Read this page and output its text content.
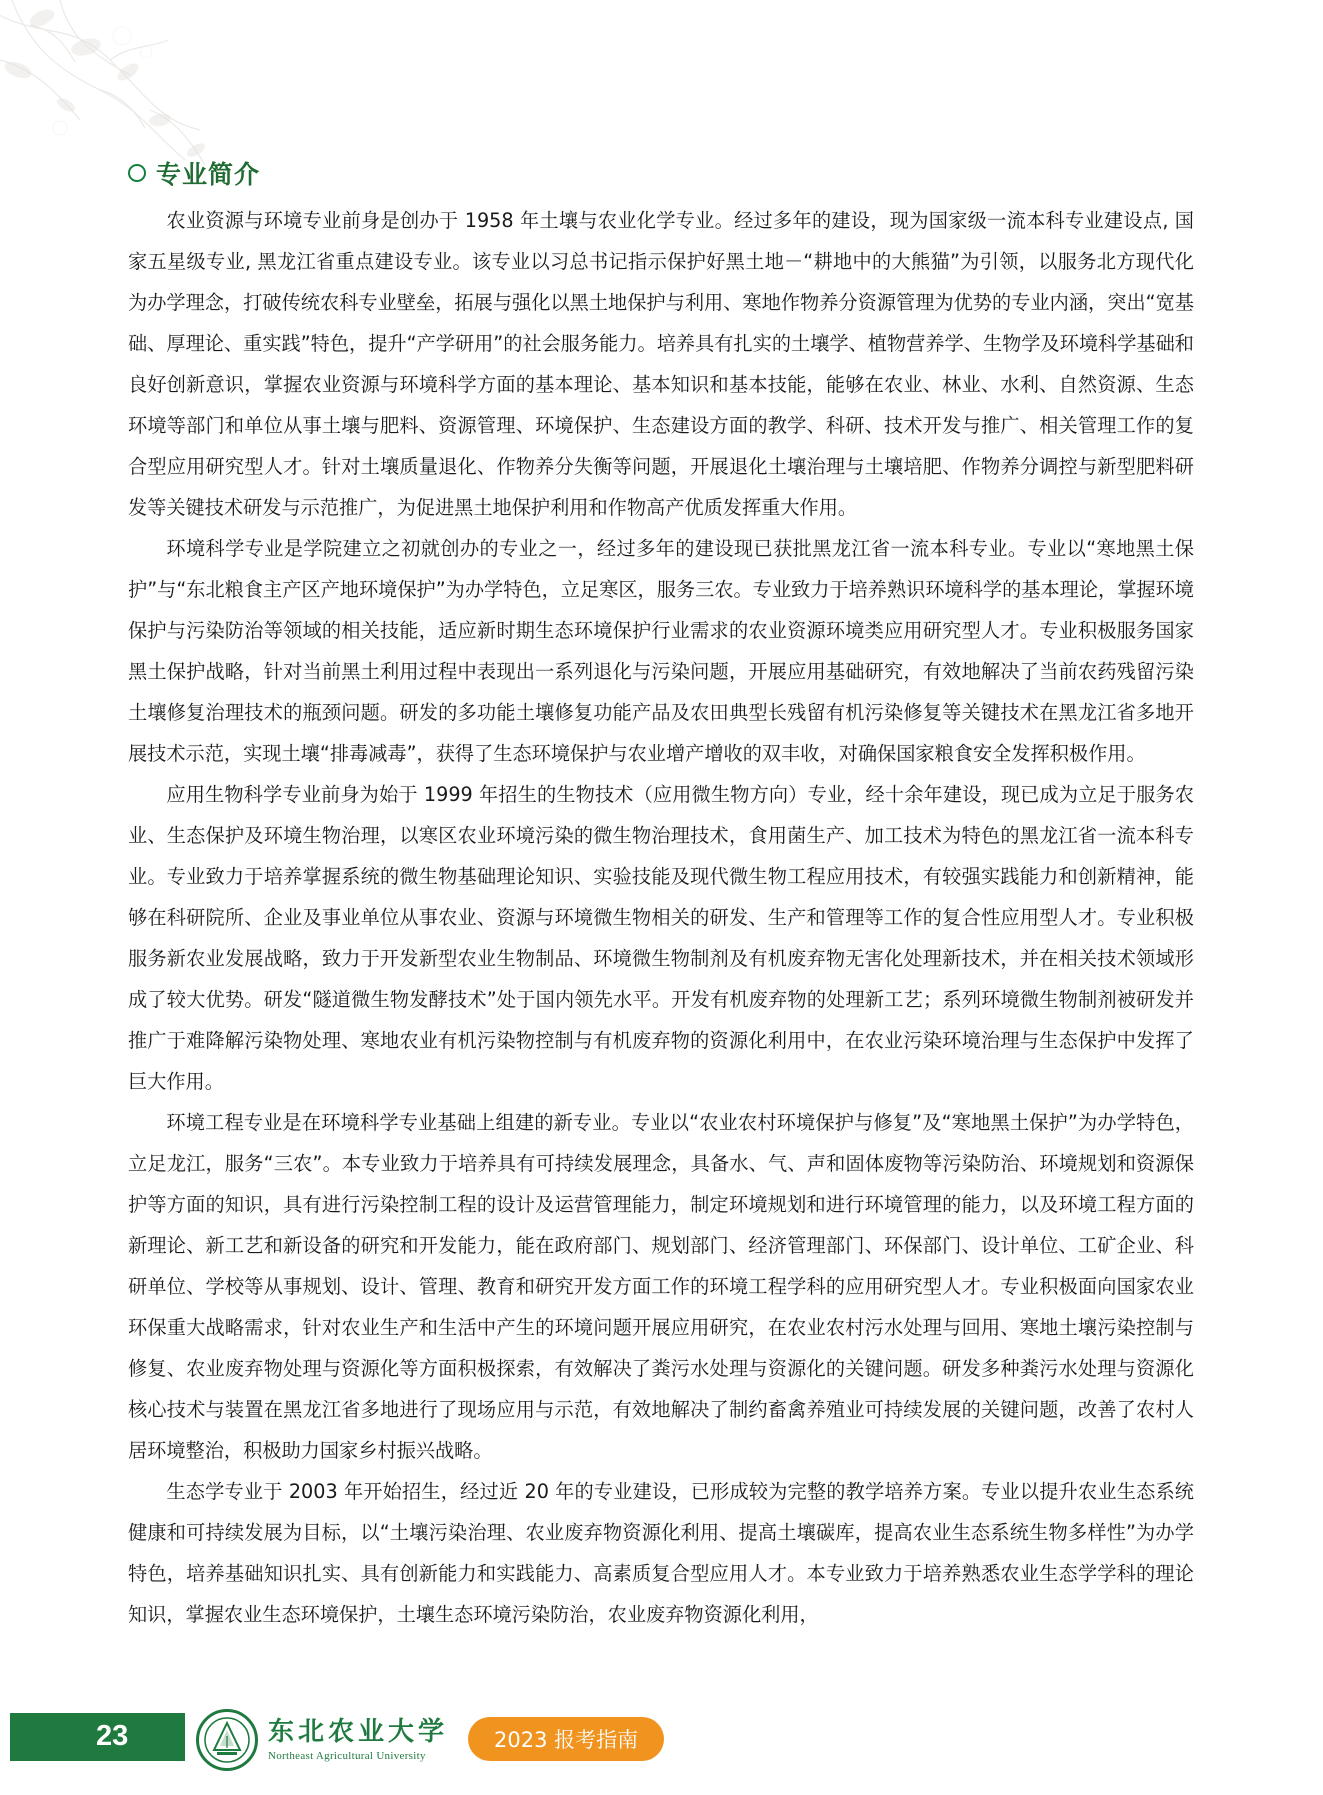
专业简介

农业资源与环境专业前身是创办于 1958 年土壤与农业化学专业。经过多年的建设，现为国家级一流本科专业建设点, 国家五星级专业, 黑龙江省重点建设专业。该专业以习总书记指示保护好黑土地－“耕地中的大熊猫”为引领，以服务北方现代化为办学理念，打破传统农科专业壁垒，拓展与强化以黑土地保护与利用、寒地作物养分资源管理为优势的专业内涵，突出“宽基础、厚理论、重实践”特色，提升“产学研用”的社会服务能力。培养具有扎实的土壤学、植物营养学、生物学及环境科学基础和良好创新意识，掌握农业资源与环境科学方面的基本理论、基本知识和基本技能，能够在农业、林业、水利、自然资源、生态环境等部门和单位从事土壤与肥料、资源管理、环境保护、生态建设方面的教学、科研、技术开发与推广、相关管理工作的复合型应用研究型人才。针对土壤质量退化、作物养分失衡等问题，开展退化土壤治理与土壤培肥、作物养分调控与新型肥料研发等关键技术研发与示范推广，为促进黑土地保护利用和作物高产优质发挥重大作用。

环境科学专业是学院建立之初就创办的专业之一，经过多年的建设现已获批黑龙江省一流本科专业。专业以“寒地黑土保护”与“东北粮食主产区产地环境保护”为办学特色，立足寒区，服务三农。专业致力于培养熟识环境科学的基本理论，掌握环境保护与污染防治等领域的相关技能，适应新时期生态环境保护行业需求的农业资源环境类应用研究型人才。专业积极服务国家黑土保护战略，针对当前黑土利用过程中表现出一系列退化与污染问题，开展应用基础研究，有效地解决了当前农药残留污染土壤修复治理技术的瓶颈问题。研发的多功能土壤修复功能产品及农田典型长残留有机污染修复等关键技术在黑龙江省多地开展技术示范，实现土壤“排毒减毒”，获得了生态环境保护与农业增产增收的双丰收，对确保国家粮食安全发挥积极作用。

应用生物科学专业前身为始于 1999 年招生的生物技术（应用微生物方向）专业，经十余年建设，现已成为立足于服务农业、生态保护及环境生物治理，以寒区农业环境污染的微生物治理技术，食用菌生产、加工技术为特色的黑龙江省一流本科专业。专业致力于培养掌握系统的微生物基础理论知识、实验技能及现代微生物工程应用技术，有较强实践能力和创新精神，能够在科研院所、企业及事业单位从事农业、资源与环境微生物相关的研发、生产和管理等工作的复合性应用型人才。专业积极服务新农业发展战略，致力于开发新型农业生物制品、环境微生物制剂及有机废弃物无害化处理新技术，并在相关技术领域形成了较大优势。研发“隧道微生物发酵技术”处于国内领先水平。开发有机废弃物的处理新工艺；系列环境微生物制剂被研发并推广于难降解污染物处理、寒地农业有机污染物控制与有机废弃物的资源化利用中，在农业污染环境治理与生态保护中发挥了巨大作用。

环境工程专业是在环境科学专业基础上组建的新专业。专业以“农业农村环境保护与修复”及“寒地黑土保护”为办学特色，立足龙江，服务“三农”。本专业致力于培养具有可持续发展理念，具备水、气、声和固体废物等污染防治、环境规划和资源保护等方面的知识，具有进行污染控制工程的设计及运营管理能力，制定环境规划和进行环境管理的能力，以及环境工程方面的新理论、新工艺和新设备的研究和开发能力，能在政府部门、规划部门、经济管理部门、环保部门、设计单位、工矿企业、科研单位、学校等从事规划、设计、管理、教育和研究开发方面工作的环境工程学科的应用研究型人才。专业积极面向国家农业环保重大战略需求，针对农业生产和生活中产生的环境问题开展应用研究，在农业农村污水处理与回用、寒地土壤污染控制与修复、农业废弃物处理与资源化等方面积极探索，有效解决了粪污水处理与资源化的关键问题。研发多种粪污水处理与资源化核心技术与装置在黑龙江省多地进行了现场应用与示范，有效地解决了制约畜禽养殖业可持续发展的关键问题，改善了农村人居环境整治，积极助力国家乡村振兴战略。

生态学专业于 2003 年开始招生，经过近 20 年的专业建设，已形成较为完整的教学培养方案。专业以提升农业生态系统健康和可持续发展为目标，以“土壤污染治理、农业废弃物资源化利用、提高土壤碳库，提高农业生态系统生物多样性”为办学特色，培养基础知识扎实、具有创新能力和实践能力、高素质复合型应用人才。本专业致力于培养熟悉农业生态学学科的理论知识，掌握农业生态环境保护，土壤生态环境污染防治，农业废弃物资源化利用，

23	东北农业大学
Northeast Agricultural University
2023 报考指南
